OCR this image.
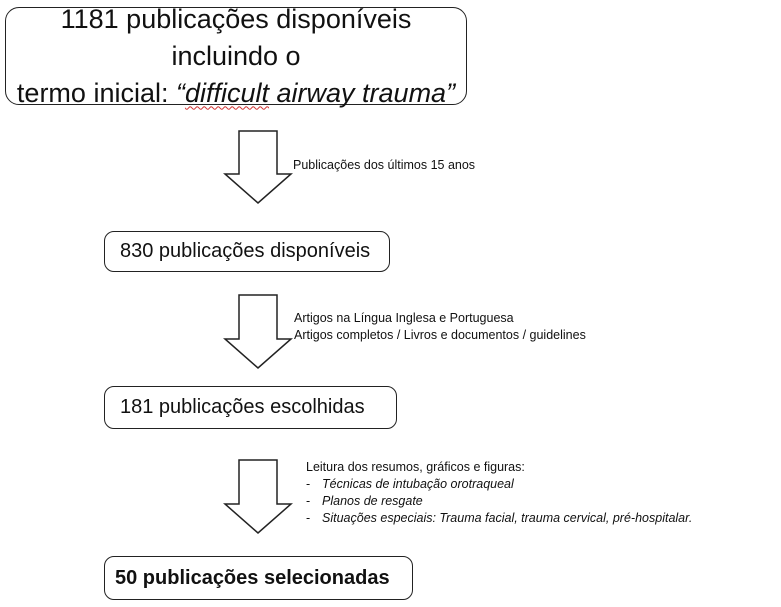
1181 publicações disponíveis incluindo o
termo inicial: “difficult airway trauma”
Publicações dos últimos 15 anos
830 publicações disponíveis
Artigos na Língua Inglesa e Portuguesa
Artigos completos / Livros e documentos / guidelines
181 publicações escolhidas
Leitura dos resumos, gráficos e figuras:
- Técnicas de intubação orotraqueal
- Planos de resgate
- Situações especiais: Trauma facial, trauma cervical, pré-hospitalar.
50 publicações selecionadas
